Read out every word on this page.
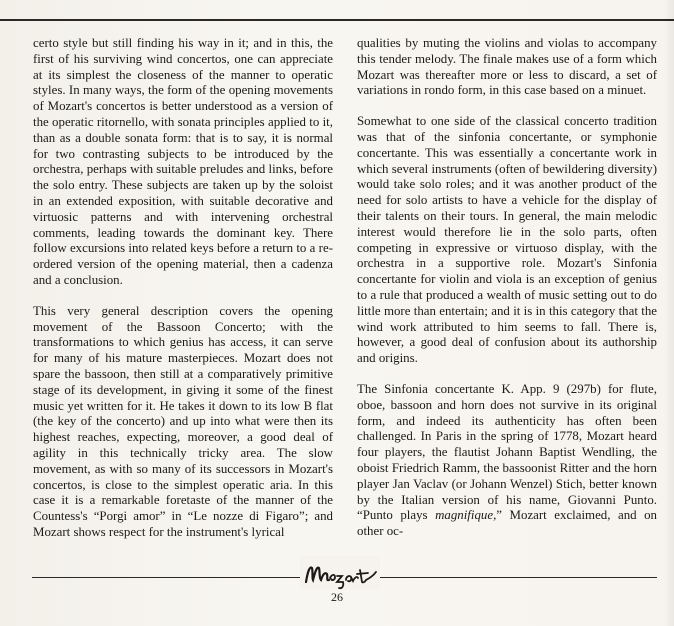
certo style but still finding his way in it; and in this, the first of his surviving wind concertos, one can appreciate at its simplest the closeness of the manner to operatic styles. In many ways, the form of the opening movements of Mozart's concertos is better understood as a version of the operatic ritornello, with sonata principles applied to it, than as a double sonata form: that is to say, it is normal for two contrasting subjects to be introduced by the orchestra, perhaps with suitable preludes and links, before the solo entry. These subjects are taken up by the soloist in an extended exposition, with suitable decorative and virtuosic patterns and with intervening orchestral comments, leading towards the dominant key. There follow excursions into related keys before a return to a re-ordered version of the opening material, then a cadenza and a conclusion.

This very general description covers the opening movement of the Bassoon Concerto; with the transformations to which genius has access, it can serve for many of his mature masterpieces. Mozart does not spare the bassoon, then still at a comparatively primitive stage of its development, in giving it some of the finest music yet written for it. He takes it down to its low B flat (the key of the concerto) and up into what were then its highest reaches, expecting, moreover, a good deal of agility in this technically tricky area. The slow movement, as with so many of its successors in Mozart's concertos, is close to the simplest operatic aria. In this case it is a remarkable foretaste of the manner of the Countess's “Porgi amor” in “Le nozze di Figaro”; and Mozart shows respect for the instrument's lyrical

qualities by muting the violins and violas to accompany this tender melody. The finale makes use of a form which Mozart was thereafter more or less to discard, a set of variations in rondo form, in this case based on a minuet.

Somewhat to one side of the classical concerto tradition was that of the sinfonia concertante, or symphonie concertante. This was essentially a concertante work in which several instruments (often of bewildering diversity) would take solo roles; and it was another product of the need for solo artists to have a vehicle for the display of their talents on their tours. In general, the main melodic interest would therefore lie in the solo parts, often competing in expressive or virtuoso display, with the orchestra in a supportive role. Mozart's Sinfonia concertante for violin and viola is an exception of genius to a rule that produced a wealth of music setting out to do little more than entertain; and it is in this category that the wind work attributed to him seems to fall. There is, however, a good deal of confusion about its authorship and origins.

The Sinfonia concertante K. App. 9 (297b) for flute, oboe, bassoon and horn does not survive in its original form, and indeed its authenticity has often been challenged. In Paris in the spring of 1778, Mozart heard four players, the flautist Johann Baptist Wendling, the oboist Friedrich Ramm, the bassoonist Ritter and the horn player Jan Vaclav (or Johann Wenzel) Stich, better known by the Italian version of his name, Giovanni Punto. “Punto plays magnifique,” Mozart exclaimed, and on other oc-

26
